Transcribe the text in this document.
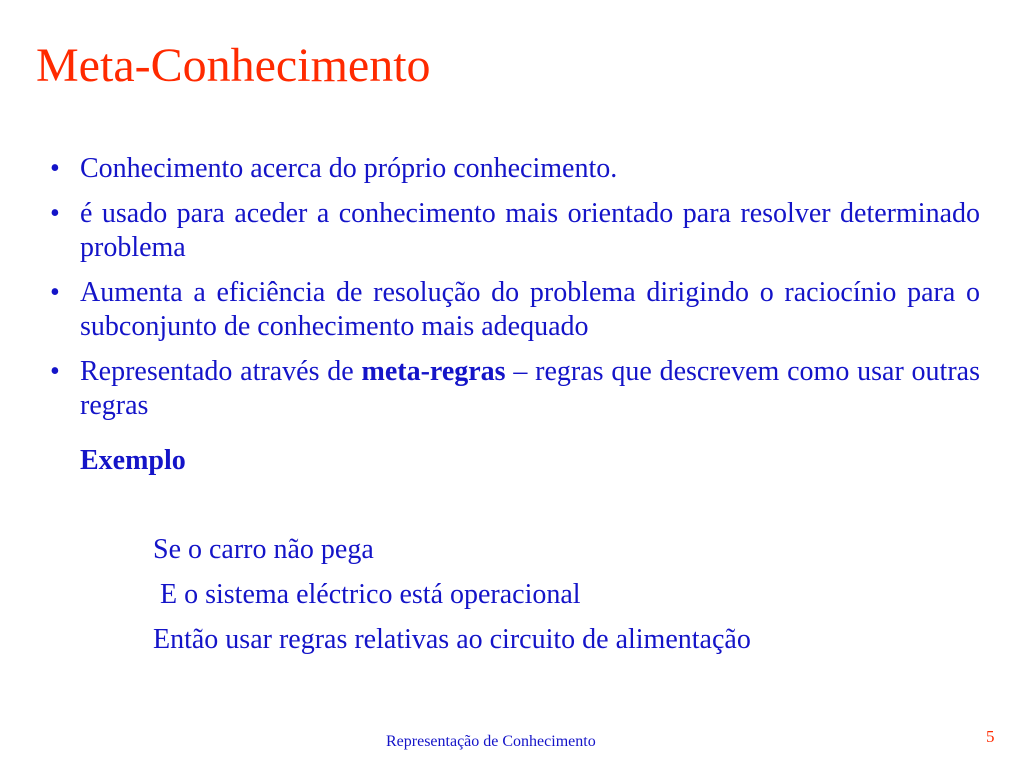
Meta-Conhecimento
• Conhecimento acerca do próprio conhecimento.
• é usado para aceder a conhecimento mais orientado para resolver determinado problema
• Aumenta a eficiência de resolução do problema dirigindo o raciocínio para o subconjunto de conhecimento mais adequado
• Representado através de meta-regras – regras que descrevem como usar outras regras
Exemplo
Se o carro não pega
E o sistema eléctrico está operacional
Então usar regras relativas ao circuito de alimentação
Representação de Conhecimento	5
